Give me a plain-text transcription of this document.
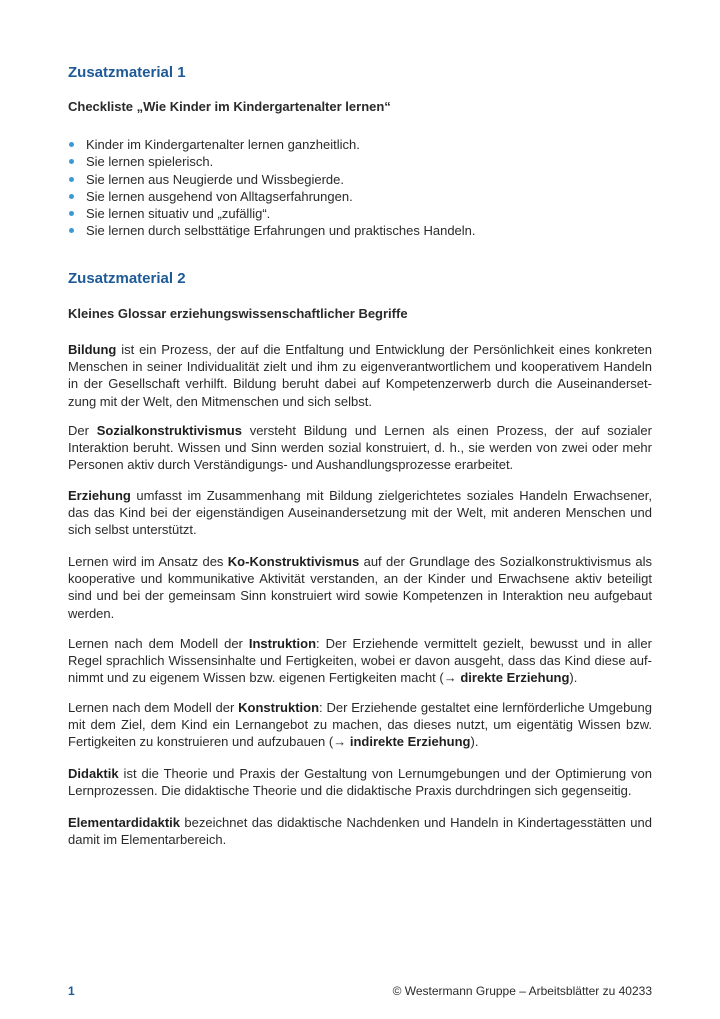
Zusatzmaterial 1

Checkliste „Wie Kinder im Kindergartenalter lernen“

Kinder im Kindergartenalter lernen ganzheitlich.
Sie lernen spielerisch.
Sie lernen aus Neugierde und Wissbegierde.
Sie lernen ausgehend von Alltagserfahrungen.
Sie lernen situativ und „zufällig“.
Sie lernen durch selbsttätige Erfahrungen und praktisches Handeln.
Zusatzmaterial 2

Kleines Glossar erziehungswissenschaftlicher Begriffe

Bildung ist ein Prozess, der auf die Entfaltung und Entwicklung der Persönlichkeit eines konkreten Menschen in seiner Individualität zielt und ihm zu eigenverantwortlichem und kooperativem Handeln in der Gesellschaft verhilft. Bildung beruht dabei auf Kompetenzerwerb durch die Auseinandersetzung mit der Welt, den Mitmenschen und sich selbst.

Der Sozialkonstruktivismus versteht Bildung und Lernen als einen Prozess, der auf sozialer Interaktion beruht. Wissen und Sinn werden sozial konstruiert, d. h., sie werden von zwei oder mehr Personen aktiv durch Verständigungs- und Aushandlungsprozesse erarbeitet.

Erziehung umfasst im Zusammenhang mit Bildung zielgerichtetes soziales Handeln Erwachsener, das das Kind bei der eigenständigen Auseinandersetzung mit der Welt, mit anderen Menschen und sich selbst unterstützt.

Lernen wird im Ansatz des Ko-Konstruktivismus auf der Grundlage des Sozialkonstruktivismus als kooperative und kommunikative Aktivität verstanden, an der Kinder und Erwachsene aktiv beteiligt sind und bei der gemeinsam Sinn konstruiert wird sowie Kompetenzen in Interaktion neu aufgebaut werden.

Lernen nach dem Modell der Instruktion: Der Erziehende vermittelt gezielt, bewusst und in aller Regel sprachlich Wissensinhalte und Fertigkeiten, wobei er davon ausgeht, dass das Kind diese aufnimmt und zu eigenem Wissen bzw. eigenen Fertigkeiten macht (→ direkte Erziehung).

Lernen nach dem Modell der Konstruktion: Der Erziehende gestaltet eine lernförderliche Umgebung mit dem Ziel, dem Kind ein Lernangebot zu machen, das dieses nutzt, um eigentätig Wissen bzw. Fertigkeiten zu konstruieren und aufzubauen (→ indirekte Erziehung).

Didaktik ist die Theorie und Praxis der Gestaltung von Lernumgebungen und der Optimierung von Lernprozessen. Die didaktische Theorie und die didaktische Praxis durchdringen sich gegenseitig.

Elementardidaktik bezeichnet das didaktische Nachdenken und Handeln in Kindertagesstätten und damit im Elementarbereich.

1	© Westermann Gruppe – Arbeitsblätter zu 40233
